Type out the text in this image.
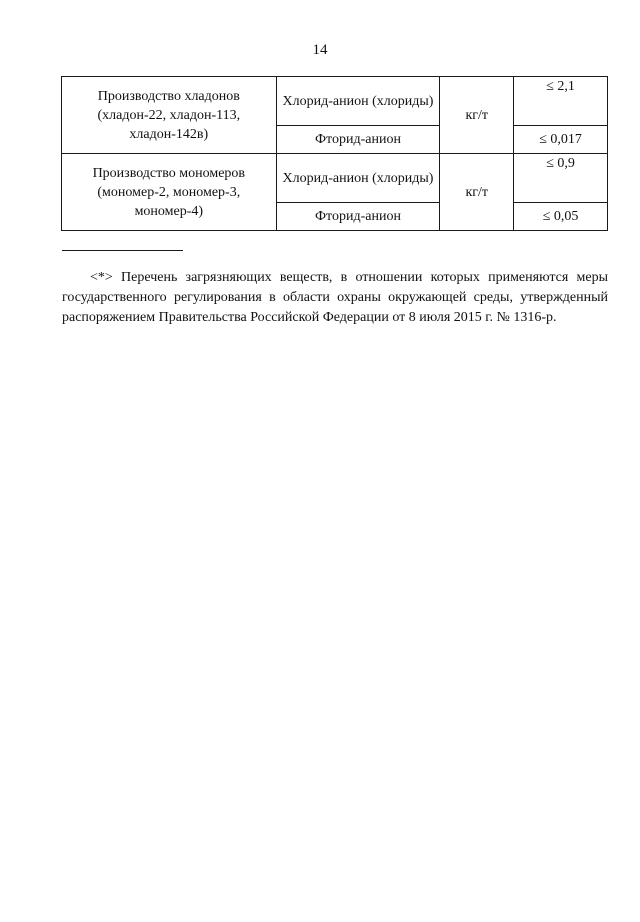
14
Производство хладонов (хладон-22, хладон-113, хладон-142в)	Хлорид-анион (хлориды)	кг/т	≤ 2,1
	Фторид-анион		≤ 0,017
Производство мономеров (мономер-2, мономер-3, мономер-4)	Хлорид-анион (хлориды)	кг/т	≤ 0,9
	Фторид-анион		≤ 0,05

<*> Перечень загрязняющих веществ, в отношении которых применяются меры государственного регулирования в области охраны окружающей среды, утвержденный распоряжением Правительства Российской Федерации от 8 июля 2015 г. № 1316-р.
